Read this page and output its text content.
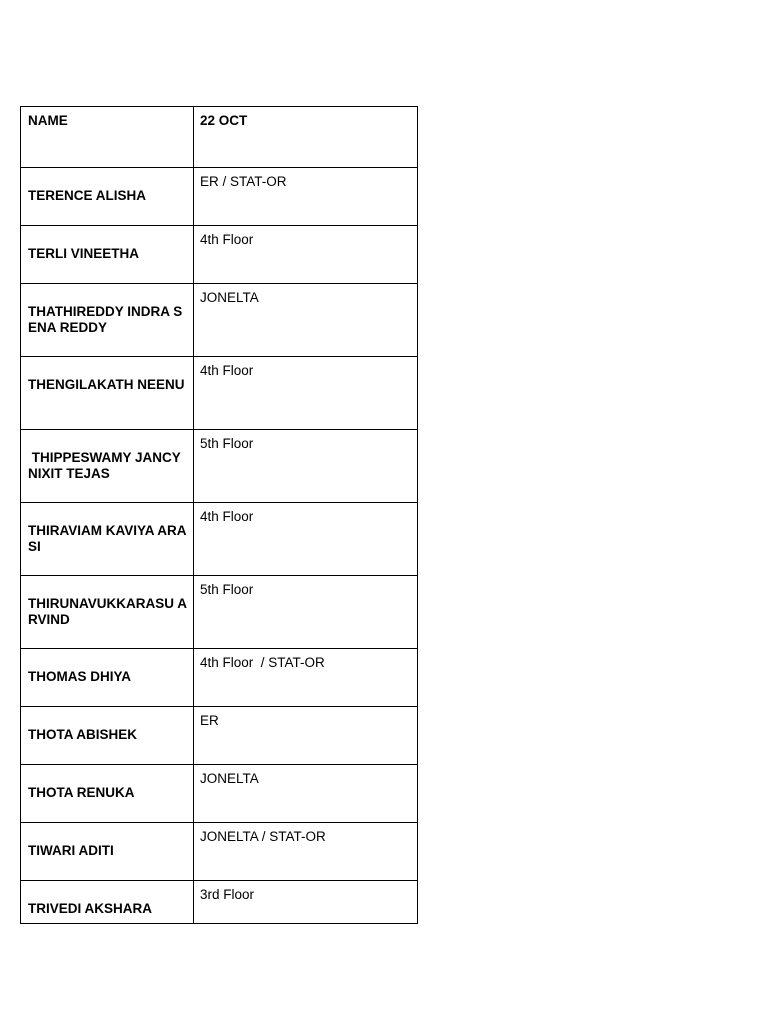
NAME	22 OCT

TERENCE ALISHA	ER / STAT-OR

TERLI VINEETHA	4th Floor

THATHIREDDY INDRA SENA REDDY	JONELTA

THENGILAKATH NEENU	4th Floor

THIPPESWAMY JANCY NIXIT TEJAS	5th Floor

THIRAVIAM KAVIYA ARASI	4th Floor

THIRUNAVUKKARASU ARVIND	5th Floor

THOMAS DHIYA	4th Floor  / STAT-OR

THOTA ABISHEK	ER

THOTA RENUKA	JONELTA

TIWARI ADITI	JONELTA / STAT-OR

TRIVEDI AKSHARA	3rd Floor
